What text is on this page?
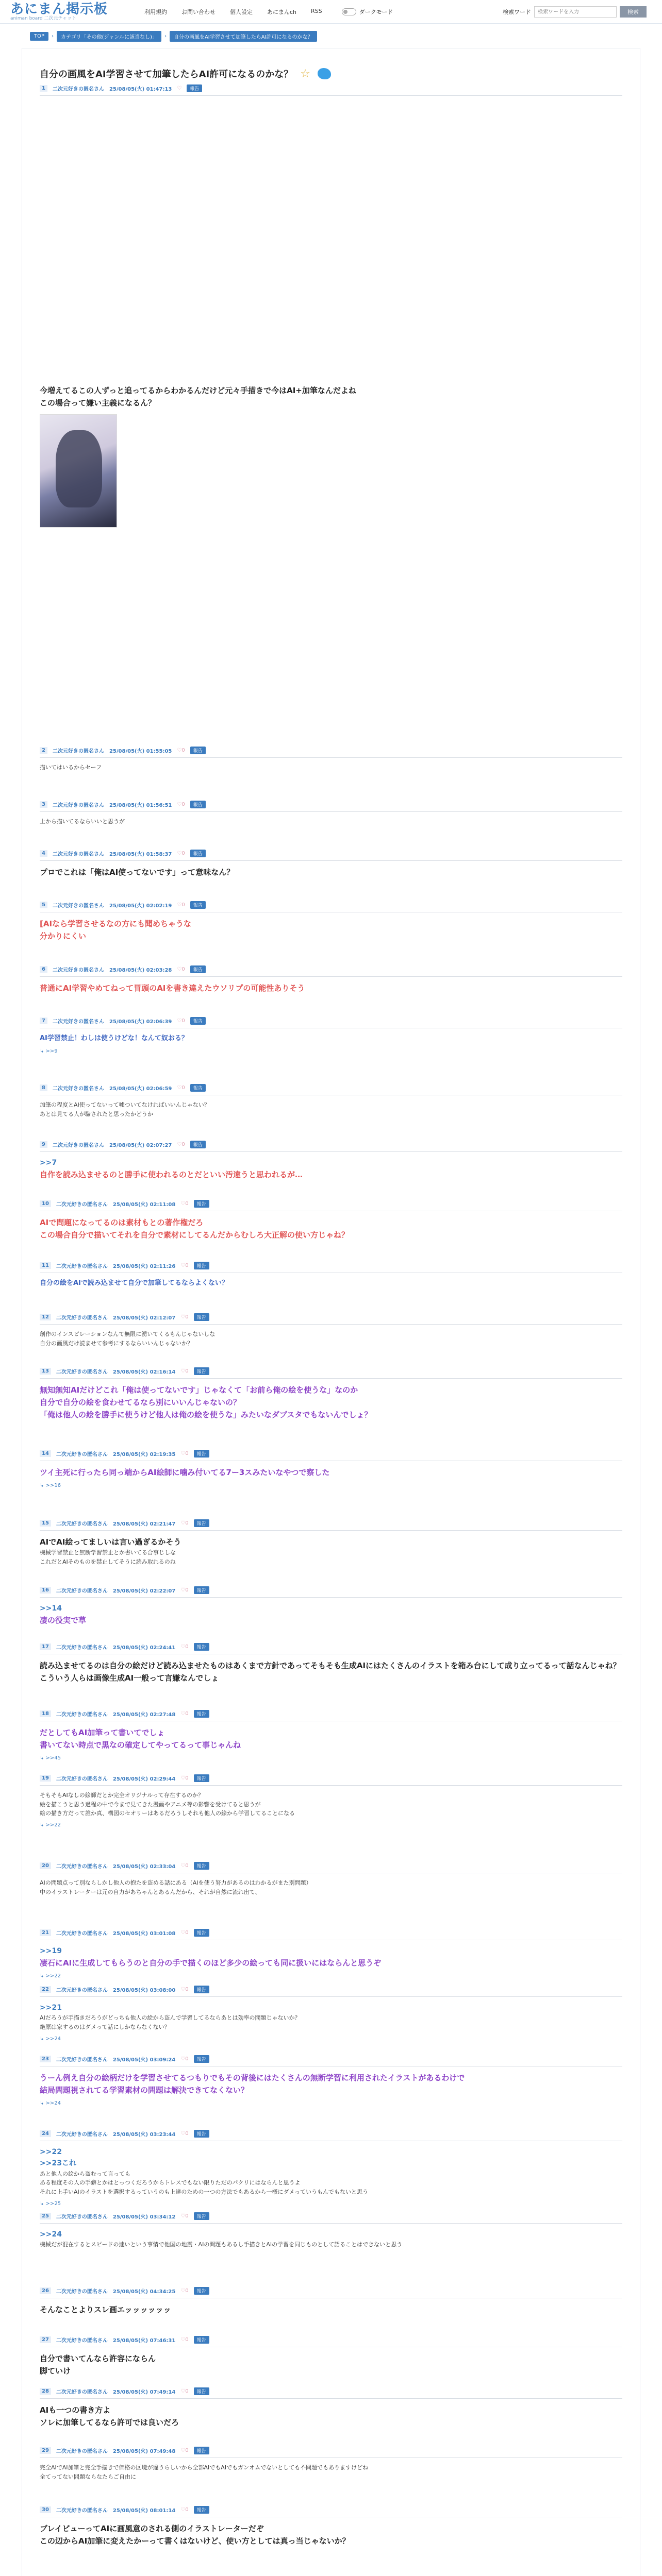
あにまん掲示板
animan board 二次元チャット
利用規約	お問い合わせ	個人設定	あにまんch	RSS	ダークモード	検索ワード
検索ワードを入力	検索
TOP	›	カテゴリ「その他(ジャンルに該当なし)」	›	自分の画風をAI学習させて加筆したらAI許可になるのかな？
自分の画風をAI学習させて加筆したらAI許可になるのかな？ ☆
1	二次元好きの匿名さん 25/08/05(火) 01:47:13 ♡	報告
今増えてるこの人ずっと追ってるからわかるんだけど元々手描きで今はAI+加筆なんだよね
この場合って嫌い主義になるん？
2	二次元好きの匿名さん 25/08/05(火) 01:55:05 ♡0	報告
描いてはいるからセーフ
3	二次元好きの匿名さん 25/08/05(火) 01:56:51 ♡0	報告
上から描いてるならいいと思うが
4	二次元好きの匿名さん 25/08/05(火) 01:58:37 ♡0	報告
プロでこれは「俺はAI使ってないです」って意味なん？
5	二次元好きの匿名さん 25/08/05(火) 02:02:19 ♡0	報告
[AIなら学習させるなの方にも聞めちゃうな
分かりにくい
6	二次元好きの匿名さん 25/08/05(火) 02:03:28 ♡0	報告
普通にAI学習やめてねって冒頭のAIを書き違えたウソリプの可能性ありそう
7	二次元好きの匿名さん 25/08/05(火) 02:06:39 ♡0	報告
AI学習禁止！わしは使うけどな！なんて奴おる？
↳ >>9
8	二次元好きの匿名さん 25/08/05(火) 02:06:59 ♡0	報告
加筆の程度とAI使ってないって嘘ついてなければいいんじゃない？
あとは見てる人が騙されたと思ったかどうか
9	二次元好きの匿名さん 25/08/05(火) 02:07:27 ♡0	報告
>>7
自作を読み込ませるのと勝手に使われるのとだといい汚違うと思われるが…
10	二次元好きの匿名さん 25/08/05(火) 02:11:08 ♡0	報告
AIで問題になってるのは素材もとの著作権だろ
この場合自分で描いてそれを自分で素材にしてるんだからむしろ大正解の使い方じゃね？
11	二次元好きの匿名さん 25/08/05(火) 02:11:26 ♡0	報告
自分の絵をAIで読み込ませて自分で加筆してるならよくない？
12	二次元好きの匿名さん 25/08/05(火) 02:12:07 ♡0	報告
創作のインスピレーションなんて無限に湧いてくるもんじゃないしな
自分の画風だけ読ませて参考にするならいいんじゃないか？
13	二次元好きの匿名さん 25/08/05(火) 02:16:14 ♡0	報告
無知無知AIだけどこれ「俺は使ってないです」じゃなくて「お前ら俺の絵を使うな」なのか
自分で自分の絵を食わせてるなら別にいいんじゃないの？
「俺は他人の絵を勝手に使うけど他人は俺の絵を使うな」みたいなダブスタでもないんでしょ？
14	二次元好きの匿名さん 25/08/05(火) 02:19:35 ♡0	報告
ツイ主死に行ったら同っ端からAI絵師に噛み付いてる7ー3スみたいなやつで察した
↳ >>16
15	二次元好きの匿名さん 25/08/05(火) 02:21:47 ♡0	報告
AIでAI絵ってましいは言い過ぎるかそう
機械学習禁止と無断学習禁止とか書いてる合事じしな
これだとAIそのものを禁止してそうに読み取れるのね
16	二次元好きの匿名さん 25/08/05(火) 02:22:07 ♡0	報告
>>14
凄の役実で草
17	二次元好きの匿名さん 25/08/05(火) 02:24:41 ♡0	報告
読み込ませてるのは自分の絵だけど読み込ませたものはあくまで方針であってそもそも生成AIにはたくさんのイラストを箱み台にして成り立ってるって話なんじゃね？
こういう人らは画像生成AI一般って言嫌なんでしょ
18	二次元好きの匿名さん 25/08/05(火) 02:27:48 ♡0	報告
だとしてもAI加筆って書いてでしょ
書いてない時点で黒なの確定してやってるって事じゃんね
↳ >>45
19	二次元好きの匿名さん 25/08/05(火) 02:29:44 ♡0	報告
そもそもAIなしの絵師だとか完全オリジナルって存在するのか？
絵を描こうと思う過程の中で今まで見てきた漫画やアニメ等の影響を受けてると思うが
絵の描き方だって誰か真、構図のセオリーはあるだろうしそれも他人の絵から学習してることになる
↳ >>22
20	二次元好きの匿名さん 25/08/05(火) 02:33:04 ♡0	報告
AIの問題点って別ならしかし他人の抱たを盗める話にある（AIを使う努力があるのはわかるがまた別問題）
中のイラストレーターは元の自力があちゃんとあるんだから、それが自然に流れ出て、
21	二次元好きの匿名さん 25/08/05(火) 03:01:08 ♡0	報告
>>19
凄石にAIに生成してもらうのと自分の手で描くのほど多少の絵っても同に扱いにはならんと思うぞ
↳ >>22
22	二次元好きの匿名さん 25/08/05(火) 03:08:00 ♡0	報告
>>21
AIだろうが手描きだろうがどっちも他人の絵から盗んで学習してるならあとは効率の問題じゃないか？
絶原は家するのはダメって話にしかならなくない？
↳ >>24
23	二次元好きの匿名さん 25/08/05(火) 03:09:24 ♡0	報告
うーん例え自分の絵柄だけを学習させてるつもりでもその背後にはたくさんの無断学習に利用されたイラストがあるわけで
結局問題視されてる学習素材の問題は解決できてなくない？
↳ >>24
24	二次元好きの匿名さん 25/08/05(火) 03:23:44 ♡0	報告
>>22
>>23これ
あと他人の絵から盗むって言っても
ある程度その人の手癖とかはとっつくだろうからトレスでもない限りただのパクリにはならんと思うよ
それに上手いAIのイラストを選択するっていうのも上達のための一つの方法でもあるから一概にダメっていうもんでもないと思う
↳ >>25
25	二次元好きの匿名さん 25/08/05(火) 03:34:12 ♡0	報告
>>24
機械だが混在するとスピードの速いという事情で他国の地震・AIの問題もあるし手描きとAIの学習を同じものとして語ることはできないと思う
26	二次元好きの匿名さん 25/08/05(火) 04:34:25 ♡0	報告
そんなことよりスレ画エッッッッッッ
27	二次元好きの匿名さん 25/08/05(火) 07:46:31 ♡0	報告
自分で書いてんなら許容にならん
脚ていけ
28	二次元好きの匿名さん 25/08/05(火) 07:49:14 ♡0	報告
AIも一つの書き方よ
ソレに加筆してるなら許可では良いだろ
29	二次元好きの匿名さん 25/08/05(火) 07:49:48 ♡0	報告
完全AIでAI加筆と完全手描きで価格の区境が違うらしいから全部AIでもAIでもガンオムでないとしても不問題でもありますけどね
全てってない問題ならなたらご自由に
30	二次元好きの匿名さん 25/08/05(火) 08:01:14 ♡0	報告
ブレイビューってAIに画風意のされる側のイラストレーターだぞ
この辺からAI加筆に変えたかーって書くはないけど、使い方としては真っ当じゃないか？
